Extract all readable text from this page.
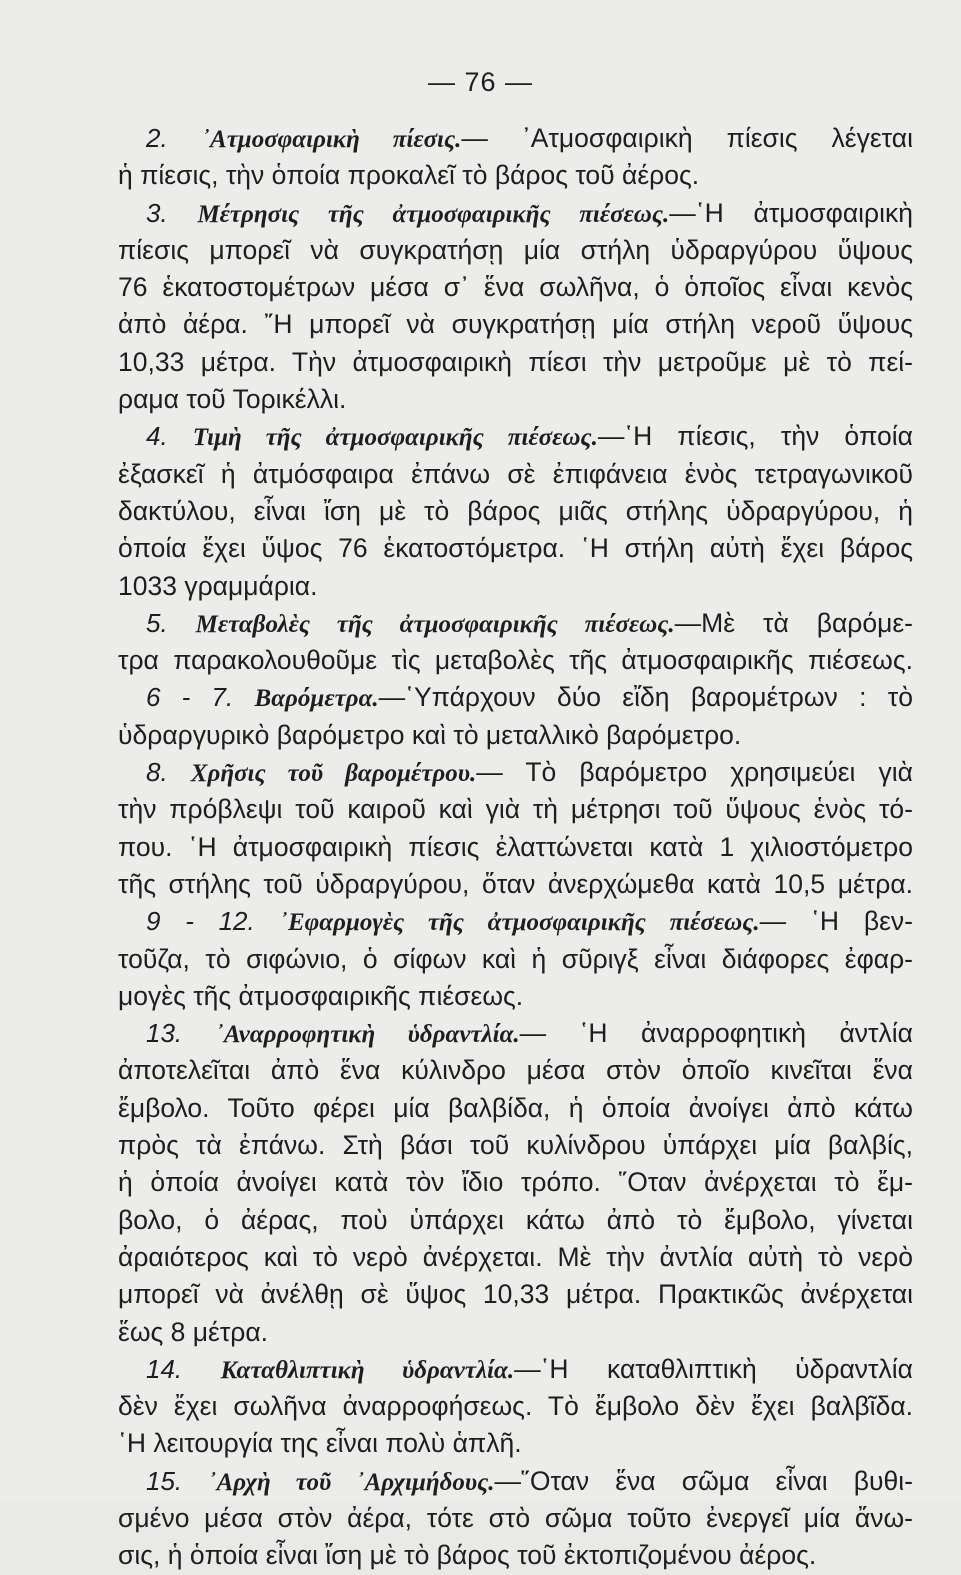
— 76 —
2. ᾿Ατμοσφαιρικὴ πίεσις.— ᾿Ατμοσφαιρικὴ πίεσις λέγεται
ἡ πίεσις, τὴν ὁποία προκαλεῖ τὸ βάρος τοῦ ἀέρος.
3. Μέτρησις τῆς ἀτμοσφαιρικῆς πιέσεως.—῾Η ἀτμοσφαιρικὴ
πίεσις μπορεῖ νὰ συγκρατήσῃ μία στήλη ὑδραργύρου ὕψους
76 ἑκατοστομέτρων μέσα σ᾿ ἕνα σωλῆνα, ὁ ὁποῖος εἶναι κενὸς
ἀπὸ ἀέρα. ῎Η μπορεῖ νὰ συγκρατήσῃ μία στήλη νεροῦ ὕψους
10,33 μέτρα. Τὴν ἀτμοσφαιρικὴ πίεσι τὴν μετροῦμε μὲ τὸ πεί-
ραμα τοῦ Τορικέλλι.
4. Τιμὴ τῆς ἀτμοσφαιρικῆς πιέσεως.—῾Η πίεσις, τὴν ὁποία
ἐξασκεῖ ἡ ἀτμόσφαιρα ἐπάνω σὲ ἐπιφάνεια ἑνὸς τετραγωνικοῦ
δακτύλου, εἶναι ἴση μὲ τὸ βάρος μιᾶς στήλης ὑδραργύρου, ἡ
ὁποία ἔχει ὕψος 76 ἑκατοστόμετρα. ῾Η στήλη αὐτὴ ἔχει βάρος
1033 γραμμάρια.
5. Μεταβολὲς τῆς ἀτμοσφαιρικῆς πιέσεως.—Μὲ τὰ βαρόμε-
τρα παρακολουθοῦμε τὶς μεταβολὲς τῆς ἀτμοσφαιρικῆς πιέσεως.
6 - 7. Βαρόμετρα.—῾Υπάρχουν δύο εἴδη βαρομέτρων : τὸ
ὑδραργυρικὸ βαρόμετρο καὶ τὸ μεταλλικὸ βαρόμετρο.
8. Χρῆσις τοῦ βαρομέτρου.— Τὸ βαρόμετρο χρησιμεύει γιὰ
τὴν πρόβλεψι τοῦ καιροῦ καὶ γιὰ τὴ μέτρησι τοῦ ὕψους ἑνὸς τό-
που. ῾Η ἀτμοσφαιρικὴ πίεσις ἐλαττώνεται κατὰ 1 χιλιοστόμετρο
τῆς στήλης τοῦ ὑδραργύρου, ὅταν ἀνερχώμεθα κατὰ 10,5 μέτρα.
9 - 12. ᾿Εφαρμογὲς τῆς ἀτμοσφαιρικῆς πιέσεως.— ῾Η βεν-
τοῦζα, τὸ σιφώνιο, ὁ σίφων καὶ ἡ σῦριγξ εἶναι διάφορες ἐφαρ-
μογὲς τῆς ἀτμοσφαιρικῆς πιέσεως.
13. ᾿Αναρροφητικὴ ὑδραντλία.— ῾Η ἀναρροφητικὴ ἀντλία
ἀποτελεῖται ἀπὸ ἕνα κύλινδρο μέσα στὸν ὁποῖο κινεῖται ἕνα
ἔμβολο. Τοῦτο φέρει μία βαλβίδα, ἡ ὁποία ἀνοίγει ἀπὸ κάτω
πρὸς τὰ ἐπάνω. Στὴ βάσι τοῦ κυλίνδρου ὑπάρχει μία βαλβίς,
ἡ ὁποία ἀνοίγει κατὰ τὸν ἴδιο τρόπο. ῞Οταν ἀνέρχεται τὸ ἔμ-
βολο, ὁ ἀέρας, ποὺ ὑπάρχει κάτω ἀπὸ τὸ ἔμβολο, γίνεται
ἀραιότερος καὶ τὸ νερὸ ἀνέρχεται. Μὲ τὴν ἀντλία αὐτὴ τὸ νερὸ
μπορεῖ νὰ ἀνέλθῃ σὲ ὕψος 10,33 μέτρα. Πρακτικῶς ἀνέρχεται
ἕως 8 μέτρα.
14. Καταθλιπτικὴ ὑδραντλία.—῾Η καταθλιπτικὴ ὑδραντλία
δὲν ἔχει σωλῆνα ἀναρροφήσεως. Τὸ ἔμβολο δὲν ἔχει βαλβῖδα.
῾Η λειτουργία της εἶναι πολὺ ἁπλῆ.
15. ᾿Αρχὴ τοῦ ᾿Αρχιμήδους.—῞Οταν ἕνα σῶμα εἶναι βυθι-
σμένο μέσα στὸν ἀέρα, τότε στὸ σῶμα τοῦτο ἐνεργεῖ μία ἄνω-
σις, ἡ ὁποία εἶναι ἴση μὲ τὸ βάρος τοῦ ἐκτοπιζομένου ἀέρος.
